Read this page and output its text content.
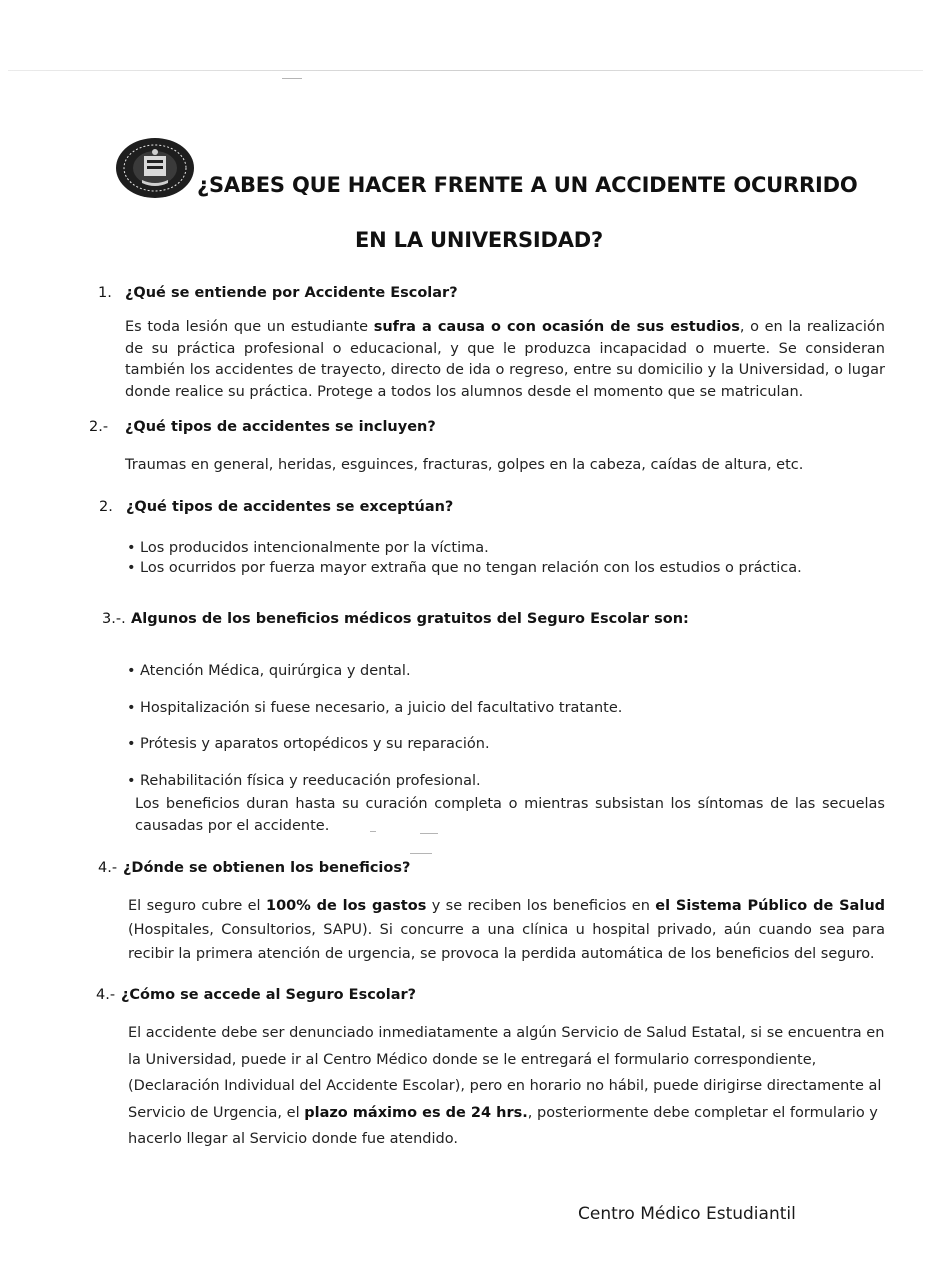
¿SABES QUE HACER FRENTE A UN ACCIDENTE OCURRIDO
EN LA UNIVERSIDAD?
1. ¿Qué se entiende por Accidente Escolar?
Es toda lesión que un estudiante sufra a causa o con ocasión de sus estudios, o en la realización de su práctica profesional o educacional, y que le produzca incapacidad o muerte. Se consideran también los accidentes de trayecto, directo de ida o regreso, entre su domicilio y la Universidad, o lugar donde realice su práctica. Protege a todos los alumnos desde el momento que se matriculan.
2.- ¿Qué tipos de accidentes se incluyen?
Traumas en general, heridas, esguinces, fracturas, golpes en la cabeza, caídas de altura, etc.
2. ¿Qué tipos de accidentes se exceptúan?
• Los producidos intencionalmente por la víctima.
• Los ocurridos por fuerza mayor extraña que no tengan relación con los estudios o práctica.
3.-. Algunos de los beneficios médicos gratuitos del Seguro Escolar son:
• Atención Médica, quirúrgica y dental.
• Hospitalización si fuese necesario, a juicio del facultativo tratante.
• Prótesis y aparatos ortopédicos y su reparación.
• Rehabilitación física y reeducación profesional.
Los beneficios duran hasta su curación completa o mientras subsistan los síntomas de las secuelas causadas por el accidente.
4.- ¿Dónde se obtienen los beneficios?
El seguro cubre el 100% de los gastos y se reciben los beneficios en el Sistema Público de Salud (Hospitales, Consultorios, SAPU). Si concurre a una clínica u hospital privado, aún cuando sea para recibir la primera atención de urgencia, se provoca la perdida automática de los beneficios del seguro.
4.- ¿Cómo se accede al Seguro Escolar?
El accidente debe ser denunciado inmediatamente a algún Servicio de Salud Estatal, si se encuentra en la Universidad, puede ir al Centro Médico donde se le entregará el formulario correspondiente, (Declaración Individual del Accidente Escolar), pero en horario no hábil, puede dirigirse directamente al Servicio de Urgencia, el plazo máximo es de 24 hrs., posteriormente debe completar el formulario y hacerlo llegar al Servicio donde fue atendido.
Centro Médico Estudiantil
